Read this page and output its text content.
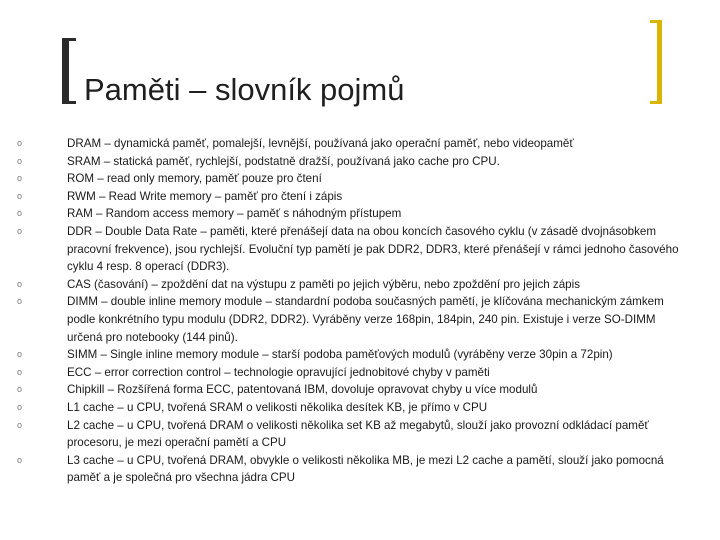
Paměti – slovník pojmů
o	DRAM – dynamická paměť, pomalejší, levnější, používaná jako operační paměť, nebo videopaměť
o	SRAM – statická paměť, rychlejší, podstatně dražší, používaná jako cache pro CPU.
o	ROM – read only memory, paměť pouze pro čtení
o	RWM – Read Write memory – paměť pro čtení i zápis
o	RAM – Random access memory – paměť s náhodným přístupem
o	DDR – Double Data Rate – paměti, které přenášejí data na obou koncích časového cyklu (v zásadě dvojnásobkem pracovní frekvence), jsou rychlejší. Evoluční typ pamětí je pak DDR2, DDR3, které přenášejí v rámci jednoho časového cyklu 4 resp. 8 operací (DDR3).
o	CAS (časování) – zpoždění dat na výstupu z paměti po jejich výběru, nebo zpoždění pro jejich zápis
o	DIMM – double inline memory module – standardní podoba současných pamětí, je klíčována mechanickým zámkem podle konkrétního typu modulu (DDR2, DDR2). Vyráběny verze 168pin, 184pin, 240 pin. Existuje i verze SO-DIMM určená pro notebooky (144 pinů).
o	SIMM – Single inline memory module – starší podoba paměťových modulů (vyráběny verze 30pin a 72pin)
o	ECC – error correction control – technologie opravující jednobitové chyby v paměti
o	Chipkill – Rozšířená forma ECC, patentovaná IBM, dovoluje opravovat chyby u více modulů
o	L1 cache – u CPU, tvořená SRAM o velikosti několika desítek KB, je přímo v CPU
o	L2 cache – u CPU, tvořená DRAM o velikosti několika set KB až megabytů, slouží jako provozní odkládací paměť procesoru, je mezi operační pamětí a CPU
o	L3 cache – u CPU, tvořená DRAM, obvykle o velikosti několika MB, je mezi L2 cache a pamětí, slouží jako pomocná paměť a je společná pro všechna jádra CPU
